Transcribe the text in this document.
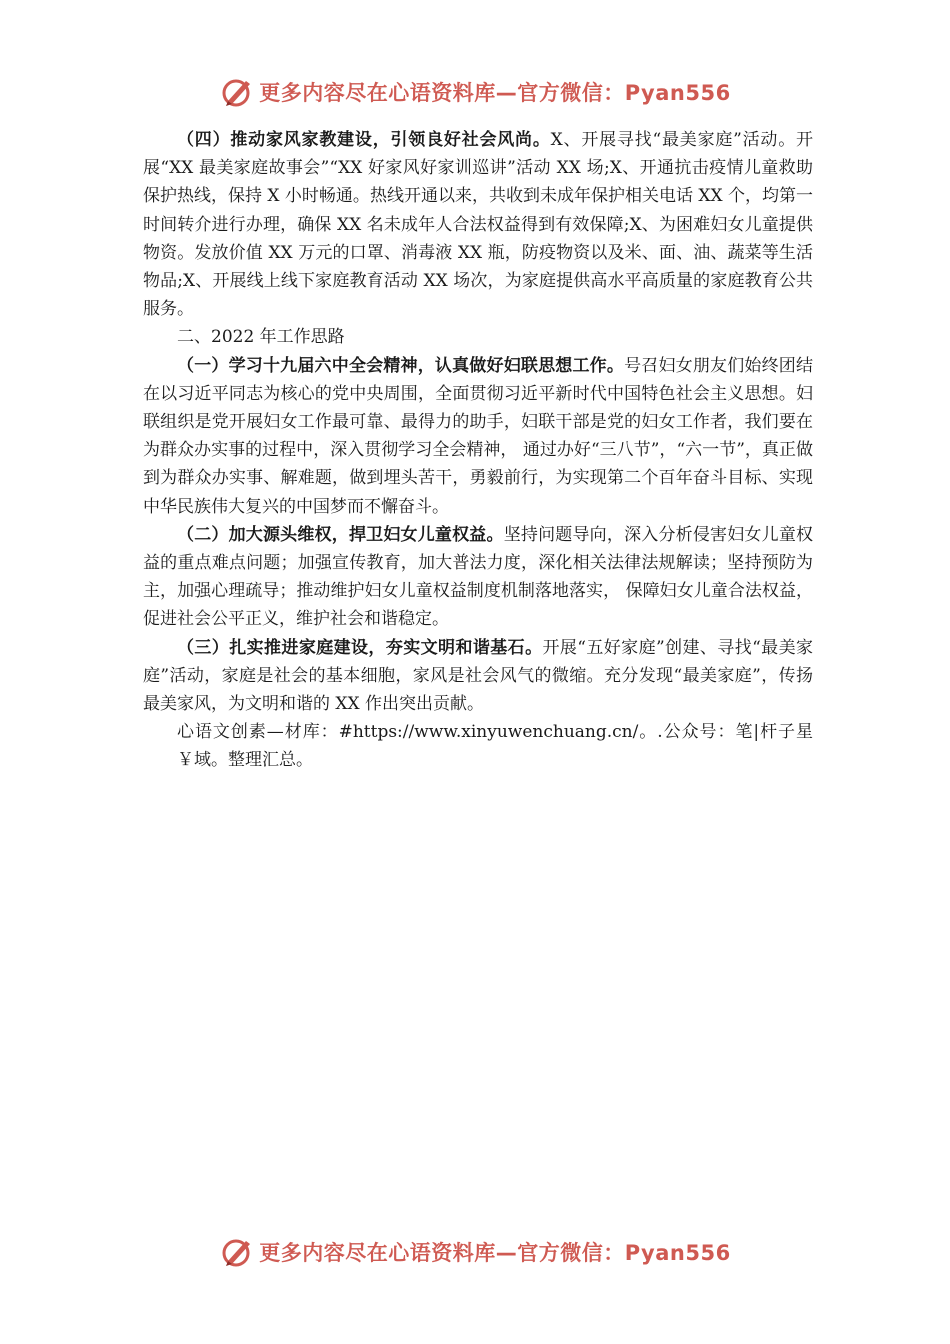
更多内容尽在心语资料库—官方微信：Pyan556

（四）推动家风家教建设，引领良好社会风尚。X、开展寻找“最美家庭”活动。开展“XX 最美家庭故事会”“XX 好家风好家训巡讲”活动 XX 场;X、开通抗击疫情儿童救助保护热线，保持 X 小时畅通。热线开通以来，共收到未成年保护相关电话 XX 个，均第一时间转介进行办理，确保 XX 名未成年人合法权益得到有效保障;X、为困难妇女儿童提供物资。发放价值 XX 万元的口罩、消毒液 XX 瓶，防疫物资以及米、面、油、蔬菜等生活物品;X、开展线上线下家庭教育活动 XX 场次，为家庭提供高水平高质量的家庭教育公共服务。

二、2022 年工作思路

（一）学习十九届六中全会精神，认真做好妇联思想工作。号召妇女朋友们始终团结在以习近平同志为核心的党中央周围，全面贯彻习近平新时代中国特色社会主义思想。妇联组织是党开展妇女工作最可靠、最得力的助手，妇联干部是党的妇女工作者，我们要在为群众办实事的过程中，深入贯彻学习全会精神， 通过办好“三八节”，“六一节”，真正做到为群众办实事、解难题，做到埋头苦干，勇毅前行，为实现第二个百年奋斗目标、实现中华民族伟大复兴的中国梦而不懈奋斗。

（二）加大源头维权，捍卫妇女儿童权益。坚持问题导向，深入分析侵害妇女儿童权益的重点难点问题；加强宣传教育，加大普法力度，深化相关法律法规解读；坚持预防为主，加强心理疏导；推动维护妇女儿童权益制度机制落地落实， 保障妇女儿童合法权益，促进社会公平正义，维护社会和谐稳定。

（三）扎实推进家庭建设，夯实文明和谐基石。开展“五好家庭”创建、寻找“最美家庭”活动，家庭是社会的基本细胞，家风是社会风气的微缩。充分发现“最美家庭”，传扬最美家风，为文明和谐的 XX 作出突出贡献。

心语文创素—材库：#https://www.xinyuwenchuang.cn/。.公众号：笔|杆子星￥域。整理汇总。

更多内容尽在心语资料库—官方微信：Pyan556
